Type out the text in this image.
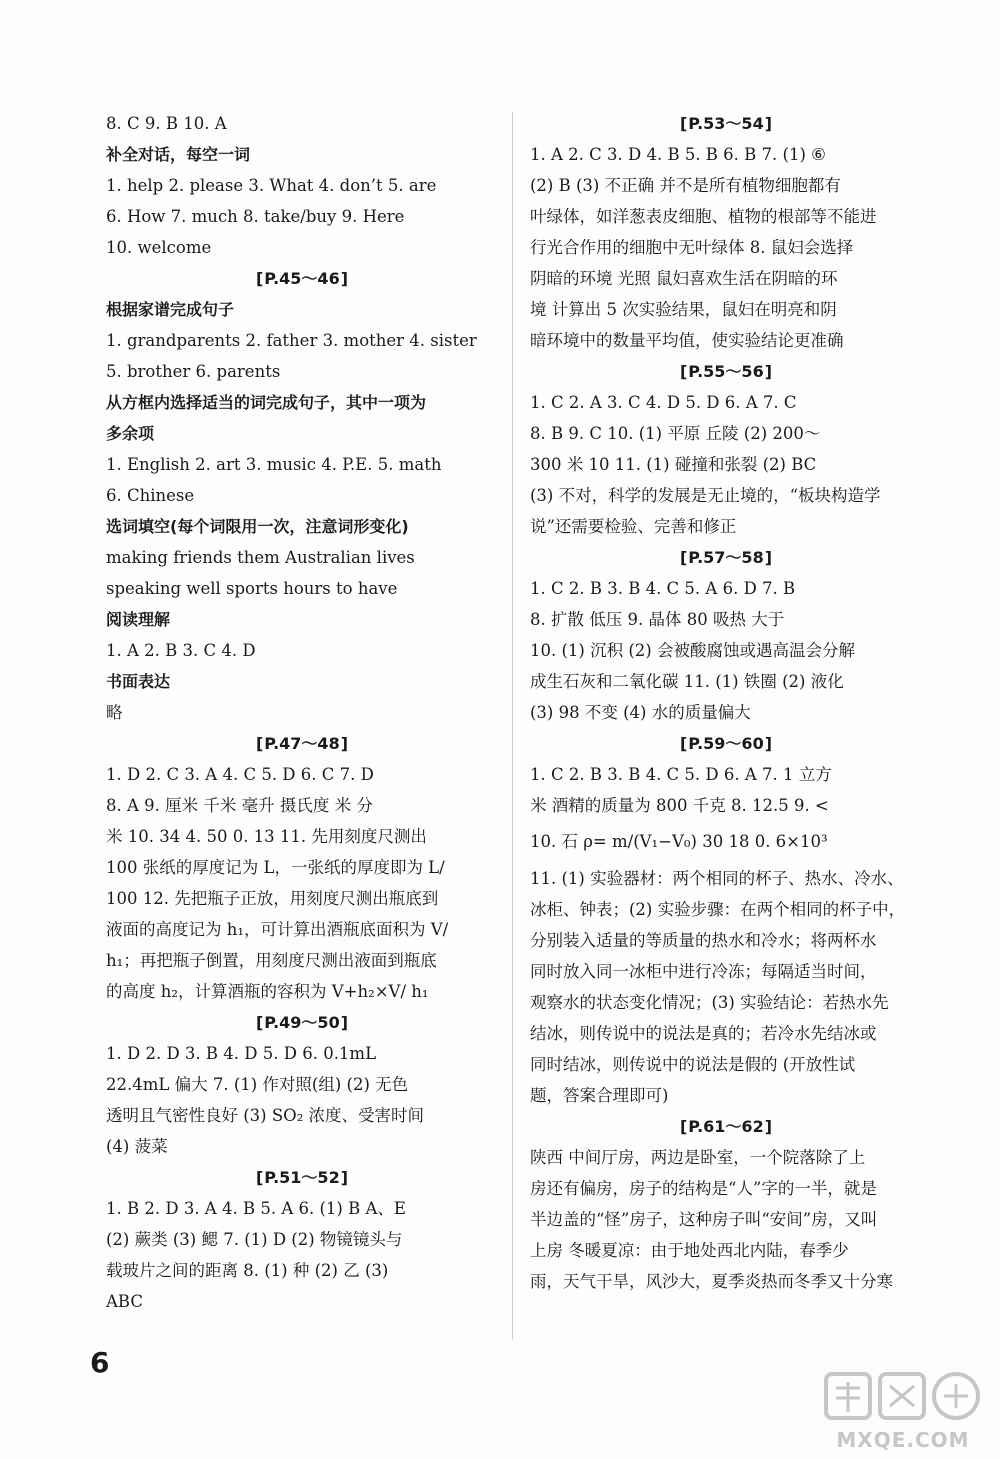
8. C 9. B 10. A
补全对话，每空一词
1. help 2. please 3. What 4. don’t 5. are
6. How 7. much 8. take/buy 9. Here
10. welcome
[ P.45～46 ]
根据家谱完成句子
1. grandparents 2. father 3. mother 4. sister
5. brother 6. parents
从方框内选择适当的词完成句子，其中一项为
多余项
1. English 2. art 3. music 4. P.E. 5. math
6. Chinese
选词填空(每个词限用一次，注意词形变化)
making friends them Australian lives
speaking well sports hours to have
阅读理解
1. A 2. B 3. C 4. D
书面表达
略
[ P.47～48 ]
1. D 2. C 3. A 4. C 5. D 6. C 7. D
8. A 9. 厘米 千米 毫升 摄氏度 米 分
米 10. 34 4. 50 0. 13 11. 先用刻度尺测出
100 张纸的厚度记为 L，一张纸的厚度即为 L/
100 12. 先把瓶子正放，用刻度尺测出瓶底到
液面的高度记为 h₁，可计算出酒瓶底面积为 V/
h₁；再把瓶子倒置，用刻度尺测出液面到瓶底
的高度 h₂，计算酒瓶的容积为 V+h₂×V/ h₁
[ P.49～50 ]
1. D 2. D 3. B 4. D 5. D 6. 0.1mL
22.4mL 偏大 7. (1) 作对照(组) (2) 无色
透明且气密性良好 (3) SO₂ 浓度、受害时间
(4) 菠菜
[ P.51～52 ]
1. B 2. D 3. A 4. B 5. A 6. (1) B A、E
(2) 蕨类 (3) 鳃 7. (1) D (2) 物镜镜头与
载玻片之间的距离 8. (1) 种 (2) 乙 (3)
ABC
[ P.53～54 ]
1. A 2. C 3. D 4. B 5. B 6. B 7. (1) ⑥
(2) B (3) 不正确 并不是所有植物细胞都有
叶绿体，如洋葱表皮细胞、植物的根部等不能进
行光合作用的细胞中无叶绿体 8. 鼠妇会选择
阴暗的环境 光照 鼠妇喜欢生活在阴暗的环
境 计算出 5 次实验结果，鼠妇在明亮和阴
暗环境中的数量平均值，使实验结论更准确
[ P.55～56 ]
1. C 2. A 3. C 4. D 5. D 6. A 7. C
8. B 9. C 10. (1) 平原 丘陵 (2) 200～
300 米 10 11. (1) 碰撞和张裂 (2) BC
(3) 不对，科学的发展是无止境的，“板块构造学
说”还需要检验、完善和修正
[ P.57～58 ]
1. C 2. B 3. B 4. C 5. A 6. D 7. B
8. 扩散 低压 9. 晶体 80 吸热 大于
10. (1) 沉积 (2) 会被酸腐蚀或遇高温会分解
成生石灰和二氧化碳 11. (1) 铁圈 (2) 液化
(3) 98 不变 (4) 水的质量偏大
[ P.59～60 ]
1. C 2. B 3. B 4. C 5. D 6. A 7. 1 立方
米 酒精的质量为 800 千克 8. 12.5 9. <
10. 石 ρ= m/(V₁−V₀) 30 18 0. 6×10³
11. (1) 实验器材：两个相同的杯子、热水、冷水、
冰柜、钟表；(2) 实验步骤：在两个相同的杯子中，
分别装入适量的等质量的热水和冷水；将两杯水
同时放入同一冰柜中进行冷冻；每隔适当时间，
观察水的状态变化情况；(3) 实验结论：若热水先
结冰，则传说中的说法是真的；若冷水先结冰或
同时结冰，则传说中的说法是假的 (开放性试
题，答案合理即可)
[ P.61～62 ]
陕西 中间厅房，两边是卧室，一个院落除了上
房还有偏房，房子的结构是“人”字的一半，就是
半边盖的“怪”房子，这种房子叫“安间”房，又叫
上房 冬暖夏凉：由于地处西北内陆，春季少
雨，天气干旱，风沙大，夏季炎热而冬季又十分寒
6
MXQE.COM
